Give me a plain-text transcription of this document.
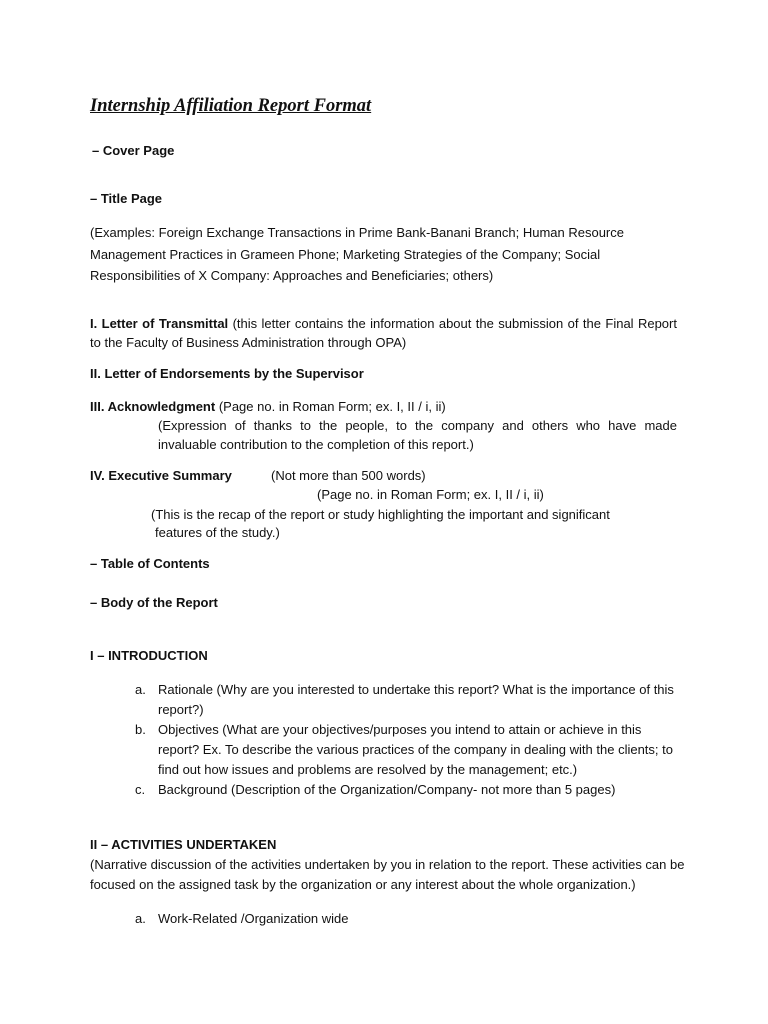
Internship Affiliation Report Format
– Cover Page
– Title Page
(Examples: Foreign Exchange Transactions in Prime Bank-Banani Branch; Human Resource Management Practices in Grameen Phone; Marketing Strategies of the Company; Social Responsibilities of X Company: Approaches and Beneficiaries; others)
I. Letter of Transmittal (this letter contains the information about the submission of the Final Report to the Faculty of Business Administration through OPA)
II. Letter of Endorsements by the Supervisor
III. Acknowledgment (Page no. in Roman Form; ex. I, II / i, ii)
(Expression of thanks to the people, to the company and others who have made invaluable contribution to the completion of this report.)
IV. Executive Summary	(Not more than 500 words)
(Page no. in Roman Form; ex. I, II / i, ii)
(This is the recap of the report or study highlighting the important and significant
features of the study.)
– Table of Contents
– Body of the Report
I – INTRODUCTION
a. Rationale (Why are you interested to undertake this report? What is the importance of this report?)
b. Objectives (What are your objectives/purposes you intend to attain or achieve in this report? Ex. To describe the various practices of the company in dealing with the clients; to find out how issues and problems are resolved by the management; etc.)
c. Background (Description of the Organization/Company- not more than 5 pages)
II – ACTIVITIES UNDERTAKEN
(Narrative discussion of the activities undertaken by you in relation to the report. These activities can be focused on the assigned task by the organization or any interest about the whole organization.)
a. Work-Related /Organization wide
